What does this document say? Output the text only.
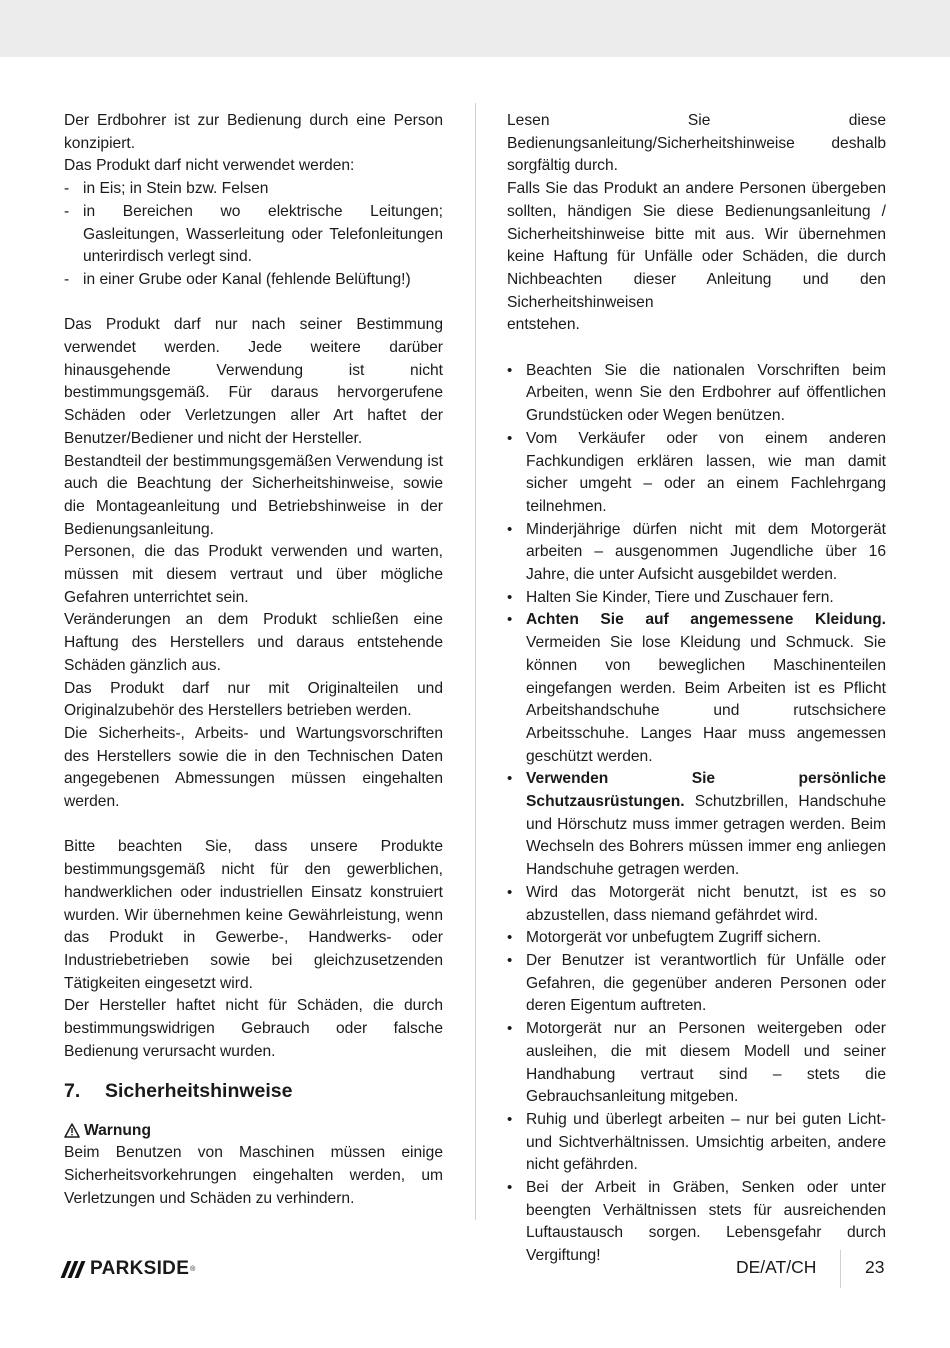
Der Erdbohrer ist zur Bedienung durch eine Person konzipiert.

Das Produkt darf nicht verwendet werden:

- in Eis; in Stein bzw. Felsen
- in Bereichen wo elektrische Leitungen; Gasleitungen, Wasserleitung oder Telefonleitungen unterirdisch verlegt sind.
- in einer Grube oder Kanal (fehlende Belüftung!)

Das Produkt darf nur nach seiner Bestimmung verwendet werden. Jede weitere darüber hinausgehende Verwendung ist nicht bestimmungsgemäß. Für daraus hervorgerufene Schäden oder Verletzungen aller Art haftet der Benutzer/Bediener und nicht der Hersteller.

Bestandteil der bestimmungsgemäßen Verwendung ist auch die Beachtung der Sicherheitshinweise, sowie die Montageanleitung und Betriebshinweise in der Bedienungsanleitung.

Personen, die das Produkt verwenden und warten, müssen mit diesem vertraut und über mögliche Gefahren unterrichtet sein.

Veränderungen an dem Produkt schließen eine Haftung des Herstellers und daraus entstehende Schäden gänzlich aus.

Das Produkt darf nur mit Originalteilen und Originalzubehör des Herstellers betrieben werden.

Die Sicherheits-, Arbeits- und Wartungsvorschriften des Herstellers sowie die in den Technischen Daten angegebenen Abmessungen müssen eingehalten werden.

Bitte beachten Sie, dass unsere Produkte bestimmungsgemäß nicht für den gewerblichen, handwerklichen oder industriellen Einsatz konstruiert wurden. Wir übernehmen keine Gewährleistung, wenn das Produkt in Gewerbe-, Handwerks- oder Industriebetrieben sowie bei gleichzusetzenden Tätigkeiten eingesetzt wird.

Der Hersteller haftet nicht für Schäden, die durch bestimmungswidrigen Gebrauch oder falsche Bedienung verursacht wurden.

7.	Sicherheitshinweise
Warnung

Beim Benutzen von Maschinen müssen einige Sicherheitsvorkehrungen eingehalten werden, um Verletzungen und Schäden zu verhindern.

Lesen Sie diese Bedienungsanleitung/Sicherheitshinweise deshalb sorgfältig durch.

Falls Sie das Produkt an andere Personen übergeben sollten, händigen Sie diese Bedienungsanleitung / Sicherheitshinweise bitte mit aus. Wir übernehmen keine Haftung für Unfälle oder Schäden, die durch Nichbeachten dieser Anleitung und den Sicherheitshinweisen

entstehen.

• Beachten Sie die nationalen Vorschriften beim Arbeiten, wenn Sie den Erdbohrer auf öffentlichen Grundstücken oder Wegen benützen.
• Vom Verkäufer oder von einem anderen Fachkundigen erklären lassen, wie man damit sicher umgeht – oder an einem Fachlehrgang teilnehmen.
• Minderjährige dürfen nicht mit dem Motorgerät arbeiten – ausgenommen Jugendliche über 16 Jahre, die unter Aufsicht ausgebildet werden.
• Halten Sie Kinder, Tiere und Zuschauer fern.
• Achten Sie auf angemessene Kleidung. Vermeiden Sie lose Kleidung und Schmuck. Sie können von beweglichen Maschinenteilen eingefangen werden. Beim Arbeiten ist es Pflicht Arbeitshandschuhe und rutschsichere Arbeitsschuhe. Langes Haar muss angemessen geschützt werden.
• Verwenden Sie persönliche Schutzausrüstungen. Schutzbrillen, Handschuhe und Hörschutz muss immer getragen werden. Beim Wechseln des Bohrers müssen immer eng anliegen Handschuhe getragen werden.
• Wird das Motorgerät nicht benutzt, ist es so abzustellen, dass niemand gefährdet wird.
• Motorgerät vor unbefugtem Zugriff sichern.
• Der Benutzer ist verantwortlich für Unfälle oder Gefahren, die gegenüber anderen Personen oder deren Eigentum auftreten.
• Motorgerät nur an Personen weitergeben oder ausleihen, die mit diesem Modell und seiner Handhabung vertraut sind – stets die Gebrauchsanleitung mitgeben.
• Ruhig und überlegt arbeiten – nur bei guten Licht- und Sichtverhältnissen. Umsichtig arbeiten, andere nicht gefährden.
• Bei der Arbeit in Gräben, Senken oder unter beengten Verhältnissen stets für ausreichenden Luftaustausch sorgen. Lebensgefahr durch Vergiftung!
PARKSIDE ®	DE/AT/CH	23
